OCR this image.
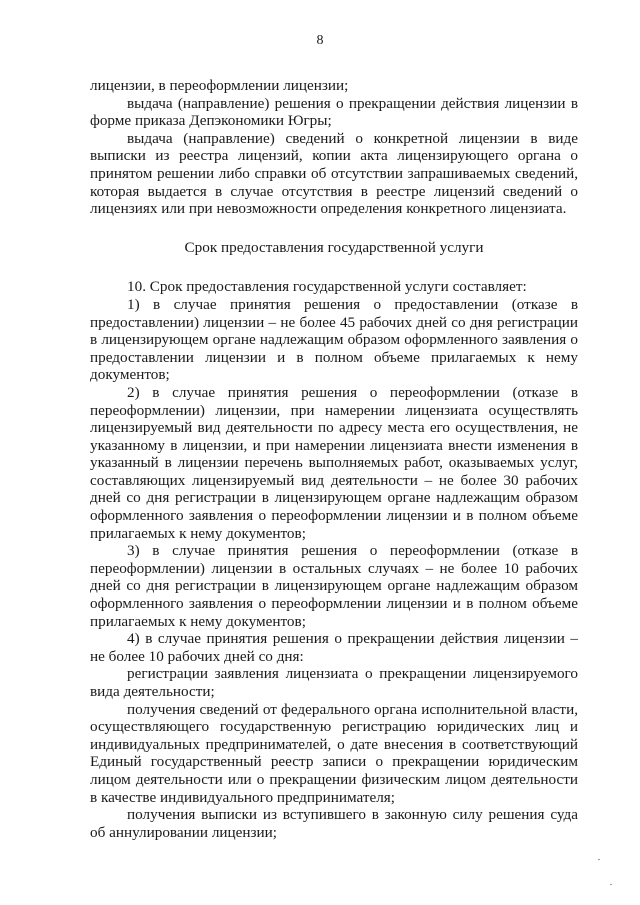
8

лицензии, в переоформлении лицензии;

выдача (направление) решения о прекращении действия лицензии в форме приказа Депэкономики Югры;

выдача (направление) сведений о конкретной лицензии в виде выписки из реестра лицензий, копии акта лицензирующего органа о принятом решении либо справки об отсутствии запрашиваемых сведений, которая выдается в случае отсутствия в реестре лицензий сведений о лицензиях или при невозможности определения конкретного лицензиата.

Срок предоставления государственной услуги

10. Срок предоставления государственной услуги составляет:

1) в случае принятия решения о предоставлении (отказе в предоставлении) лицензии – не более 45 рабочих дней со дня регистрации в лицензирующем органе надлежащим образом оформленного заявления о предоставлении лицензии и в полном объеме прилагаемых к нему документов;

2) в случае принятия решения о переоформлении (отказе в переоформлении) лицензии, при намерении лицензиата осуществлять лицензируемый вид деятельности по адресу места его осуществления, не указанному в лицензии, и при намерении лицензиата внести изменения в указанный в лицензии перечень выполняемых работ, оказываемых услуг, составляющих лицензируемый вид деятельности – не более 30 рабочих дней со дня регистрации в лицензирующем органе надлежащим образом оформленного заявления о переоформлении лицензии и в полном объеме прилагаемых к нему документов;

3) в случае принятия решения о переоформлении (отказе в переоформлении) лицензии в остальных случаях – не более 10 рабочих дней со дня регистрации в лицензирующем органе надлежащим образом оформленного заявления о переоформлении лицензии и в полном объеме прилагаемых к нему документов;

4) в случае принятия решения о прекращении действия лицензии – не более 10 рабочих дней со дня:

регистрации заявления лицензиата о прекращении лицензируемого вида деятельности;

получения сведений от федерального органа исполнительной власти, осуществляющего государственную регистрацию юридических лиц и индивидуальных предпринимателей, о дате внесения в соответствующий Единый государственный реестр записи о прекращении юридическим лицом деятельности или о прекращении физическим лицом деятельности в качестве индивидуального предпринимателя;

получения выписки из вступившего в законную силу решения суда об аннулировании лицензии;
